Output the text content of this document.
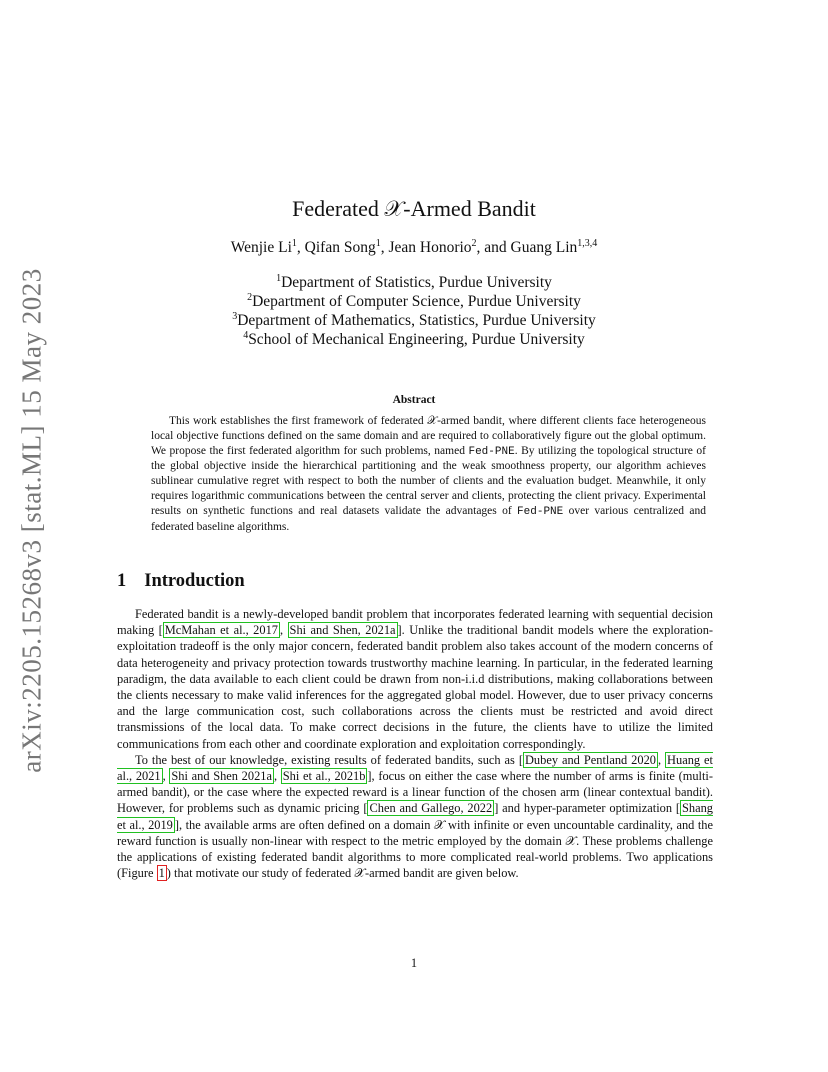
arXiv:2205.15268v3 [stat.ML] 15 May 2023
Federated 𝒳-Armed Bandit
Wenjie Li$^1$, Qifan Song$^1$, Jean Honorio$^2$, and Guang Lin$^{1,3,4}$
$^1$Department of Statistics, Purdue University
$^2$Department of Computer Science, Purdue University
$^3$Department of Mathematics, Statistics, Purdue University
$^4$School of Mechanical Engineering, Purdue University
Abstract
This work establishes the first framework of federated 𝒳-armed bandit, where different clients face heterogeneous local objective functions defined on the same domain and are required to collaboratively figure out the global optimum. We propose the first federated algorithm for such problems, named Fed-PNE. By utilizing the topological structure of the global objective inside the hierarchical partitioning and the weak smoothness property, our algorithm achieves sublinear cumulative regret with respect to both the number of clients and the evaluation budget. Meanwhile, it only requires logarithmic communications between the central server and clients, protecting the client privacy. Experimental results on synthetic functions and real datasets validate the advantages of Fed-PNE over various centralized and federated baseline algorithms.
1 Introduction

Federated bandit is a newly-developed bandit problem that incorporates federated learning with sequential decision making [ McMahan et al., 2017 , Shi and Shen, 2021a ]. Unlike the traditional bandit models where the exploration-exploitation tradeoff is the only major concern, federated bandit problem also takes account of the modern concerns of data heterogeneity and privacy protection towards trustworthy machine learning. In particular, in the federated learning paradigm, the data available to each client could be drawn from non-i.i.d distributions, making collaborations between the clients necessary to make valid inferences for the aggregated global model. However, due to user privacy concerns and the large communication cost, such collaborations across the clients must be restricted and avoid direct transmissions of the local data. To make correct decisions in the future, the clients have to utilize the limited communications from each other and coordinate exploration and exploitation correspondingly.

To the best of our knowledge, existing results of federated bandits, such as [ Dubey and Pentland 2020 , Huang et al., 2021 , Shi and Shen 2021a , Shi et al., 2021b ], focus on either the case where the number of arms is finite (multi-armed bandit), or the case where the expected reward is a linear function of the chosen arm (linear contextual bandit). However, for problems such as dynamic pricing [ Chen and Gallego, 2022 ] and hyper-parameter optimization [ Shang et al., 2019 ], the available arms are often defined on a domain 𝒳 with infinite or even uncountable cardinality, and the reward function is usually non-linear with respect to the metric employed by the domain 𝒳. These problems challenge the applications of existing federated bandit algorithms to more complicated real-world problems. Two applications (Figure 1 ) that motivate our study of federated 𝒳-armed bandit are given below.

1
